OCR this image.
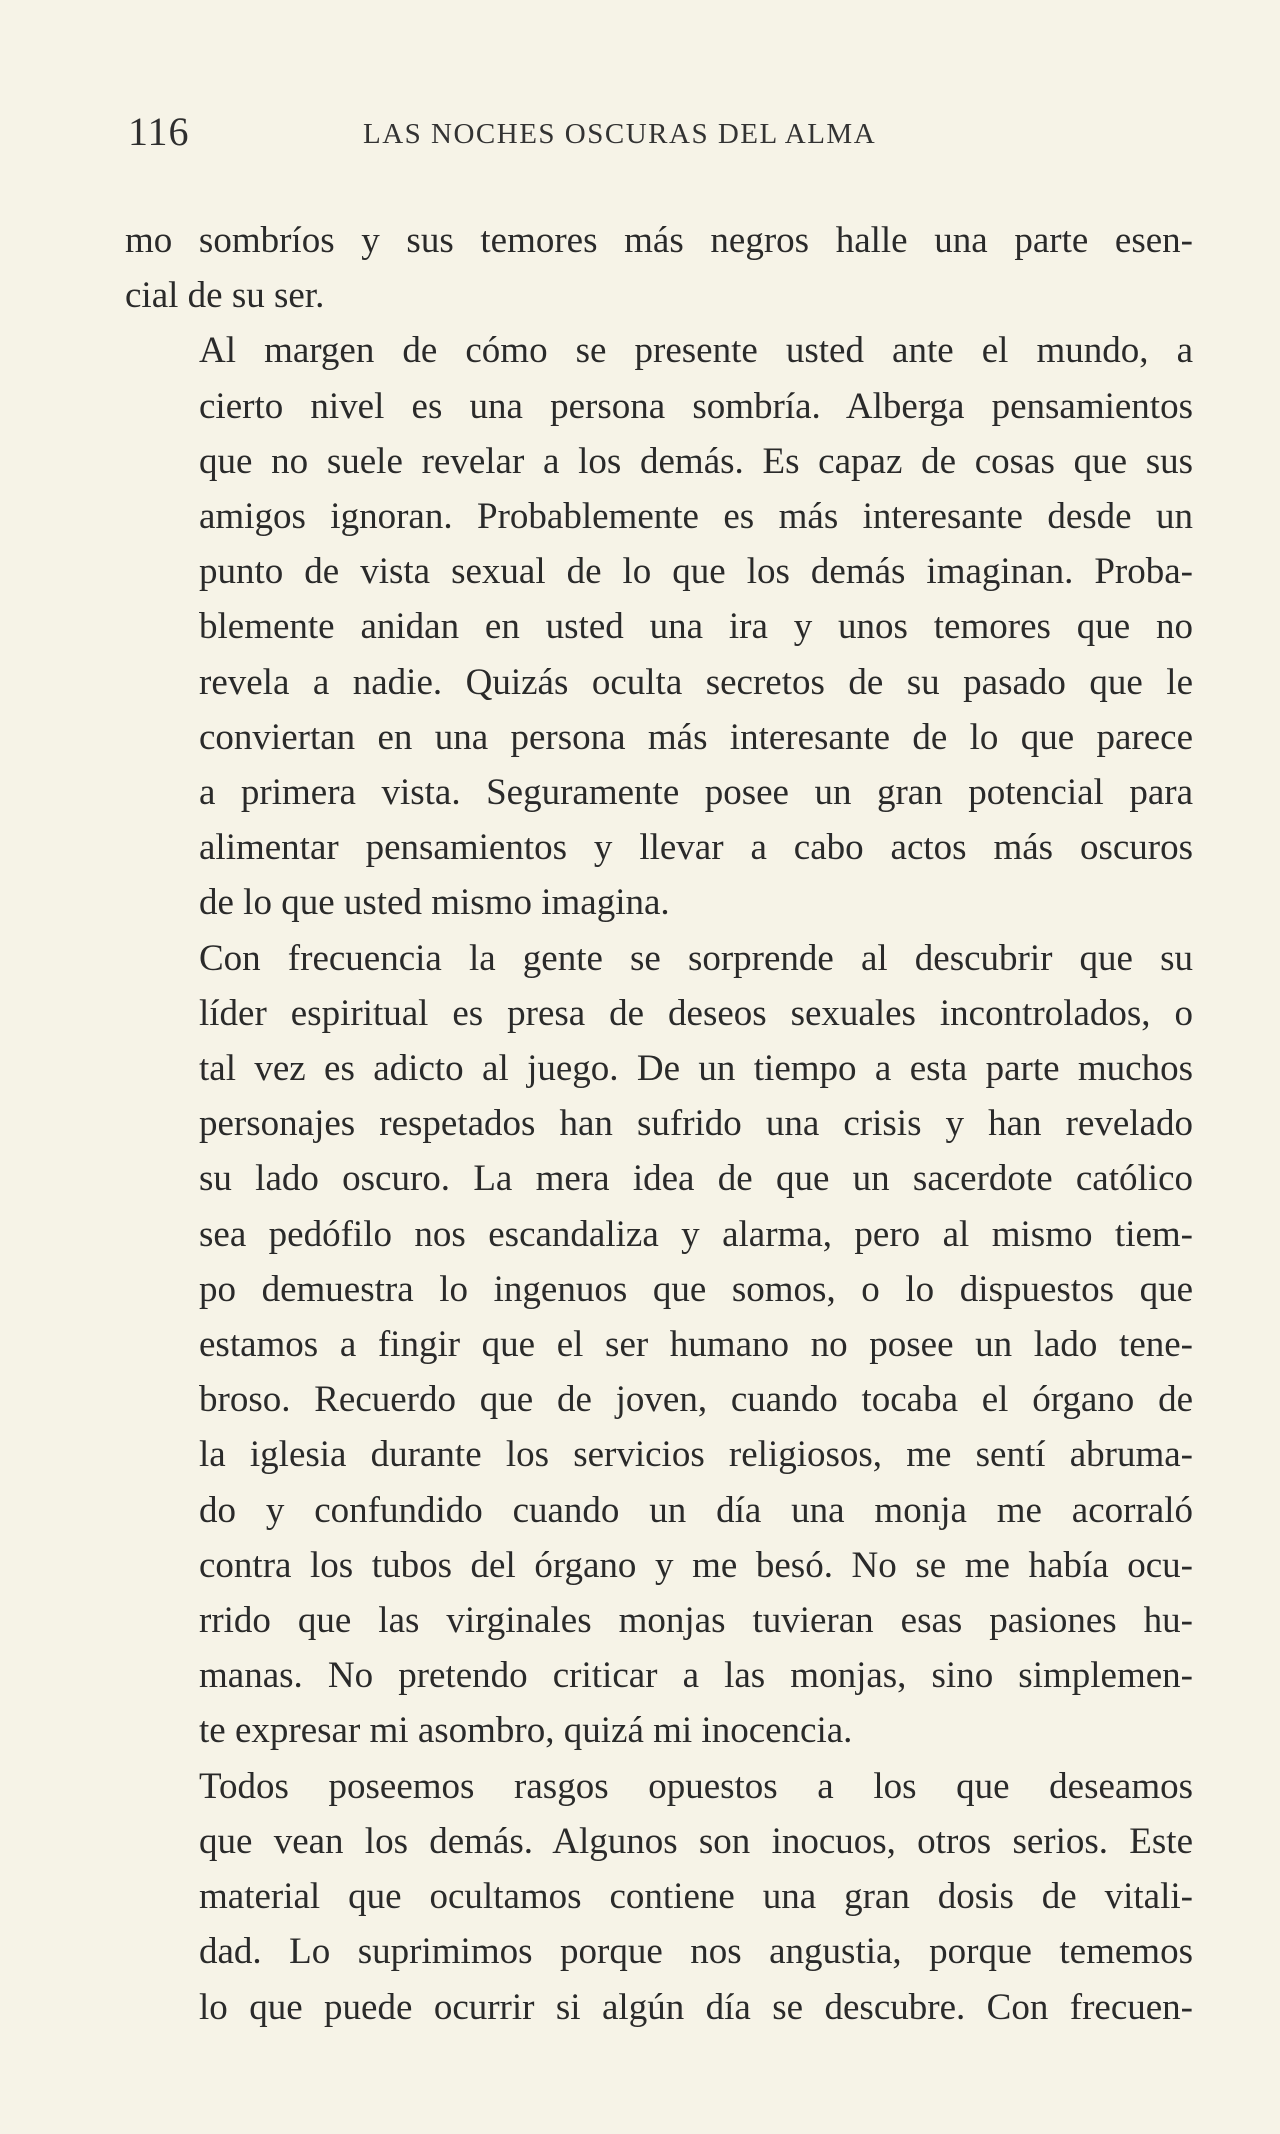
116	LAS NOCHES OSCURAS DEL ALMA

mo sombríos y sus temores más negros halle una parte esen-
cial de su ser.

Al margen de cómo se presente usted ante el mundo, a
cierto nivel es una persona sombría. Alberga pensamientos
que no suele revelar a los demás. Es capaz de cosas que sus
amigos ignoran. Probablemente es más interesante desde un
punto de vista sexual de lo que los demás imaginan. Proba-
blemente anidan en usted una ira y unos temores que no
revela a nadie. Quizás oculta secretos de su pasado que le
conviertan en una persona más interesante de lo que parece
a primera vista. Seguramente posee un gran potencial para
alimentar pensamientos y llevar a cabo actos más oscuros
de lo que usted mismo imagina.

Con frecuencia la gente se sorprende al descubrir que su
líder espiritual es presa de deseos sexuales incontrolados, o
tal vez es adicto al juego. De un tiempo a esta parte muchos
personajes respetados han sufrido una crisis y han revelado
su lado oscuro. La mera idea de que un sacerdote católico
sea pedófilo nos escandaliza y alarma, pero al mismo tiem-
po demuestra lo ingenuos que somos, o lo dispuestos que
estamos a fingir que el ser humano no posee un lado tene-
broso. Recuerdo que de joven, cuando tocaba el órgano de
la iglesia durante los servicios religiosos, me sentí abruma-
do y confundido cuando un día una monja me acorraló
contra los tubos del órgano y me besó. No se me había ocu-
rrido que las virginales monjas tuvieran esas pasiones hu-
manas. No pretendo criticar a las monjas, sino simplemen-
te expresar mi asombro, quizá mi inocencia.

Todos poseemos rasgos opuestos a los que deseamos
que vean los demás. Algunos son inocuos, otros serios. Este
material que ocultamos contiene una gran dosis de vitali-
dad. Lo suprimimos porque nos angustia, porque tememos
lo que puede ocurrir si algún día se descubre. Con frecuen-
